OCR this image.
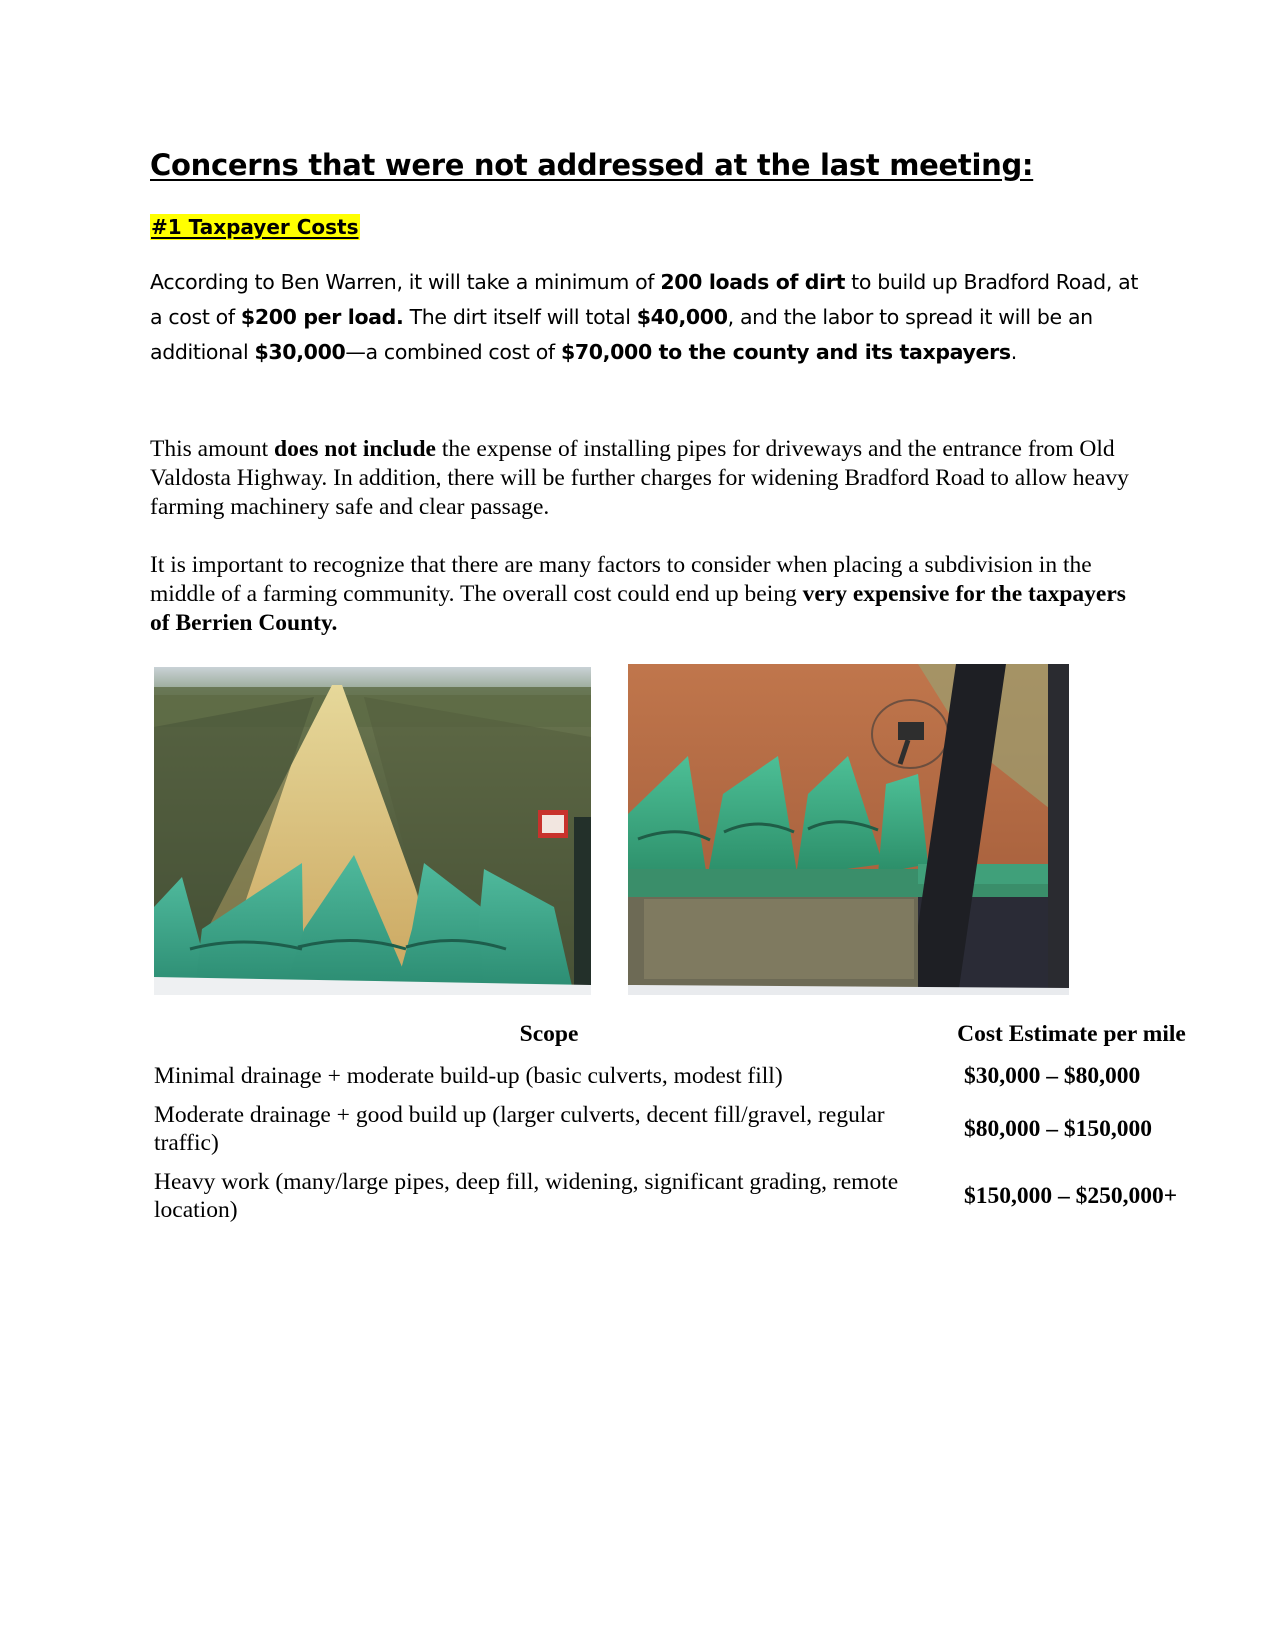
Concerns that were not addressed at the last meeting:
#1 Taxpayer Costs

According to Ben Warren, it will take a minimum of 200 loads of dirt to build up Bradford Road, at a cost of $200 per load. The dirt itself will total $40,000, and the labor to spread it will be an additional $30,000—a combined cost of $70,000 to the county and its taxpayers.

This amount does not include the expense of installing pipes for driveways and the entrance from Old Valdosta Highway. In addition, there will be further charges for widening Bradford Road to allow heavy farming machinery safe and clear passage.

It is important to recognize that there are many factors to consider when placing a subdivision in the middle of a farming community. The overall cost could end up being very expensive for the taxpayers of Berrien County.

Scope	Cost Estimate per mile
Minimal drainage + moderate build-up (basic culverts, modest fill)	$30,000 – $80,000
Moderate drainage + good build up (larger culverts, decent fill/gravel, regular traffic)	$80,000 – $150,000
Heavy work (many/large pipes, deep fill, widening, significant grading, remote location)	$150,000 – $250,000+
